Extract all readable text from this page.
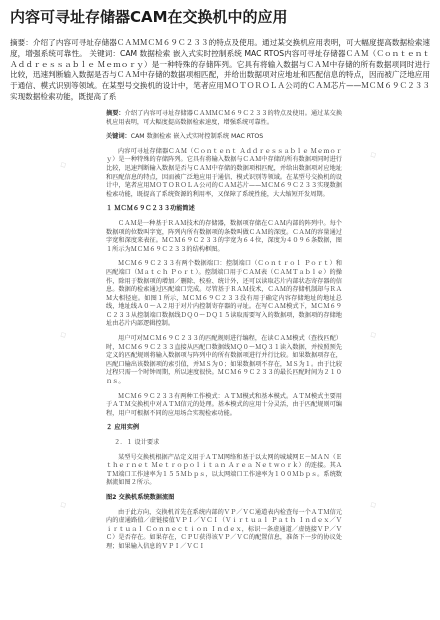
内容可寻址存储器CAM在交换机中的应用
摘要：介绍了内容可寻址存储器ＣＡＭＭＣＭ６９Ｃ２３３的特点及使用。通过某交换机应用表明，可大幅度提高数据检索速度，增强系统可靠性。 关键词：CAM 数据检索 嵌入式实时控制系统 MAC RTOS内容可寻址存储器ＣＡＭ（Ｃｏｎｔｅｎｔ Ａｄｄｒｅｓｓａｂｌｅ Ｍｅｍｏｒｙ）是一种特殊的存储阵列。它具有将输入数据与ＣＡＭ中存储的所有数据项同时进行比较，迅速判断输入数据是否与ＣＡＭ中存储的数据项相匹配，并给出数据项对应地址和匹配信息的特点，因而被广泛地应用于通信、模式识别等领域。在某型号交换机的设计中，笔者应用ＭＯＴＯＲＯＬＡ公司的ＣＡＭ芯片——ＭＣＭ６９Ｃ２３３实现数据检索功能，既提高了系
摘要：介绍了内容可寻址存储器ＣＡＭＭＣＭ６９Ｃ２３３的特点及使用。通过某交换机应用表明，可大幅度提高数据检索速度，增强系统可靠性。
关键词：CAM 数据检索 嵌入式实时控制系统 MAC RTOS
内容可寻址存储器ＣＡＭ（Ｃｏｎｔｅｎｔ Ａｄｄｒｅｓｓａｂｌｅ Ｍｅｍｏｒｙ）是一种特殊的存储阵列。它具有将输入数据与ＣＡＭ中存储的所有数据项同时进行比较，迅速判断输入数据是否与ＣＡＭ中存储的数据项相匹配，并给出数据项对应地址和匹配信息的特点，因而被广泛地应用于通信、模式识别等领域。在某型号交换机的设计中，笔者应用ＭＯＴＯＲＯＬＡ公司的ＣＡＭ芯片——ＭＣＭ６９Ｃ２３３实现数据检索功能，既提高了系统资源的利用率，又保障了系统性能，大大缩短开发周期。
１ ＭＣＭ６９Ｃ２３３功能简述
ＣＡＭ是一种基于ＲＡＭ技术的存储器，数据项存储在ＣＡＭ内部的阵列中。每个数据项的位数叫字宽，阵列内所有数据项的条数叫做ＣＡＭ的深度。ＣＡＭ的容量通过字宽和深度来表征。ＭＣＭ６９Ｃ２３３的字宽为６４位，深度为４０９６条数据，图１所示为ＭＣＭ６９Ｃ２３３的结构框图。
ＭＣＭ６９Ｃ２３３有两个数据端口：控制端口（Ｃｏｎｔｒｏｌ Ｐｏｒｔ）和匹配端口（Ｍａｔｃｈ Ｐｏｒｔ）。控制端口用于ＣＡＭ表（ＣＡＭＴａｂｌｅ）的操作，除用于数据项的增加／删除、校验、统计外，还可以读取芯片内部状态寄存器的信息。数据的检索通过匹配端口完成。尽管基于ＲＡＭ技术，ＣＡＭ的存储机制却与ＲＡＭ大相径庭。如图１所示，ＭＣＭ６９Ｃ２３３没有用于确定内容存储地址的地址总线，地址线Ａ０～Ａ２用于对片内控制寄存器的寻址。在写ＣＡＭ模式下，ＭＣＭ６９Ｃ２３３从控制端口数据线ＤＱ０～ＤＱ１５读取需要写入的数据项，数据项的存储地址由芯片内部逻辑控制。
用户可对ＭＣＭ６９Ｃ２３３的匹配规则进行编程，在读ＣＡＭ模式（查找匹配）时，ＭＣＭ６９Ｃ２３３直接从匹配口数据线ＭＱ０～ＭＱ３１读入数据，并按照预先定义的匹配规则将输入数据项与阵列中的所有数据项进行并行比较。如果数据项存在，匹配口输出该数据项的索引值，并ＭＳ为０；如果数据项不存在，ＭＳ为１。由于比较过程只需一个时钟周期，所以速度很快。ＭＣＭ６９Ｃ２３３的最长匹配时间为２１０ｎｓ。
ＭＣＭ６９Ｃ２３３有两种工作模式：ＡＴＭ模式和基本模式。ＡＴＭ模式主要用于ＡＴＭ交换机中对ＡＴＭ信元的处理。基本模式的应用十分灵活，由于匹配规则可编程，用户可根据不同的应用场合实现检索功能。
２ 应用实例
２．１ 设计要求
某型号交换机根据产品定义用于ＡＴＭ网络和基于以太网的城域网Ｅ－ＭＡＮ（Ｅｔｈｅｒｎｅｔ Ｍｅｔｒｏｐｏｌｉｔａｎ Ａｒｅａ Ｎｅｔｗｏｒｋ）的连接。其ＡＴＭ端口工作速率为１５５Ｍｂｐｓ，以太网端口工作速率为１００Ｍｂｐｓ。系统数据流如图２所示。
图2 交换机系统数据流图
由于此方向，交换机首先在系统内部的ＶＰ／ＶＣ通道表内检查每一个ＡＴＭ信元内的虚通路值／虚链接值ＶＰＩ／ＶＣＩ（Ｖｉｒｔｕａｌ Ｐａｔｈ Ｉｎｄｅｘ／Ｖｉｒｔｕａｌ Ｃｏｎｎｅｃｔｉｏｎ Ｉｎｄｅｘ，标识一条虚通道／虚链接ＶＰ／ＶＣ）是否存在。如果存在，ＣＰＵ获得该ＶＰ／ＶＣ的配置信息，准备下一步的协议处理；如果输入信息的ＶＰＩ／ＶＣＩ
◇
◇
◇	◇
◇	◇
